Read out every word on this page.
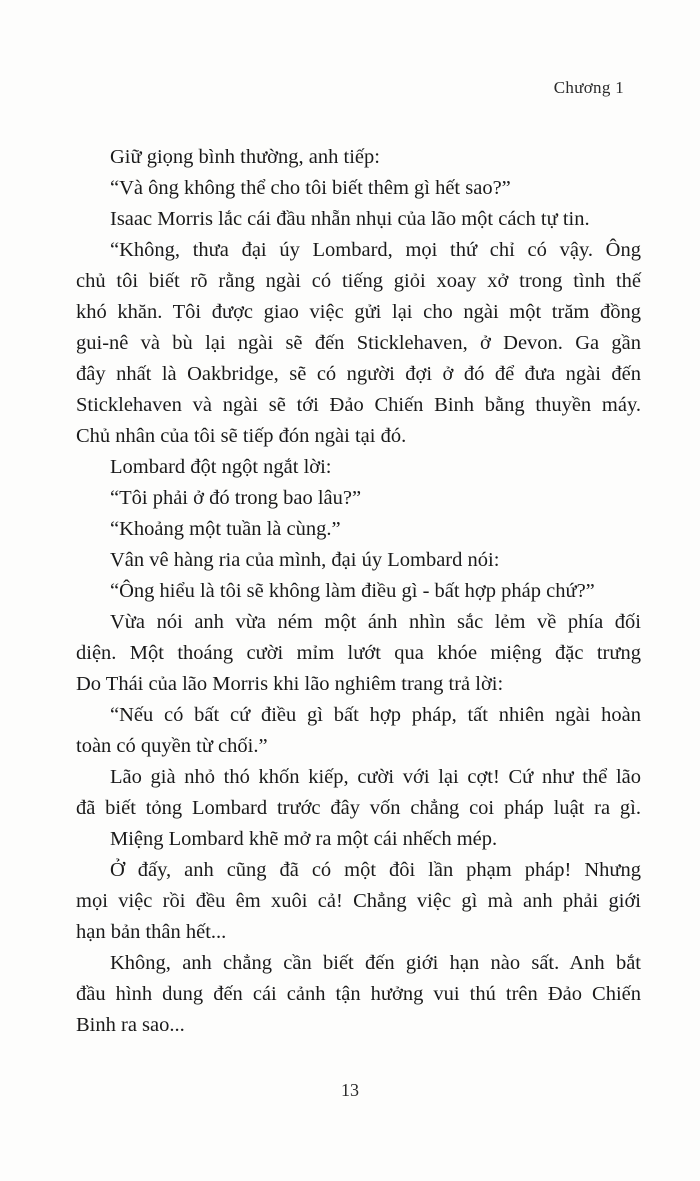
Chương 1
Giữ giọng bình thường, anh tiếp:
“Và ông không thể cho tôi biết thêm gì hết sao?”
Isaac Morris lắc cái đầu nhẵn nhụi của lão một cách tự tin.
“Không, thưa đại úy Lombard, mọi thứ chỉ có vậy. Ông
chủ tôi biết rõ rằng ngài có tiếng giỏi xoay xở trong tình thế
khó khăn. Tôi được giao việc gửi lại cho ngài một trăm đồng
gui-nê và bù lại ngài sẽ đến Sticklehaven, ở Devon. Ga gần
đây nhất là Oakbridge, sẽ có người đợi ở đó để đưa ngài đến
Sticklehaven và ngài sẽ tới Đảo Chiến Binh bằng thuyền máy.
Chủ nhân của tôi sẽ tiếp đón ngài tại đó.
Lombard đột ngột ngắt lời:
“Tôi phải ở đó trong bao lâu?”
“Khoảng một tuần là cùng.”
Vân vê hàng ria của mình, đại úy Lombard nói:
“Ông hiểu là tôi sẽ không làm điều gì - bất hợp pháp chứ?”
Vừa nói anh vừa ném một ánh nhìn sắc lẻm về phía đối
diện. Một thoáng cười mỉm lướt qua khóe miệng đặc trưng
Do Thái của lão Morris khi lão nghiêm trang trả lời:
“Nếu có bất cứ điều gì bất hợp pháp, tất nhiên ngài hoàn
toàn có quyền từ chối.”
Lão già nhỏ thó khốn kiếp, cười với lại cợt! Cứ như thể lão
đã biết tỏng Lombard trước đây vốn chẳng coi pháp luật ra gì.
Miệng Lombard khẽ mở ra một cái nhếch mép.
Ở đấy, anh cũng đã có một đôi lần phạm pháp! Nhưng
mọi việc rồi đều êm xuôi cả! Chẳng việc gì mà anh phải giới
hạn bản thân hết...
Không, anh chẳng cần biết đến giới hạn nào sất. Anh bắt
đầu hình dung đến cái cảnh tận hưởng vui thú trên Đảo Chiến
Binh ra sao...
13
